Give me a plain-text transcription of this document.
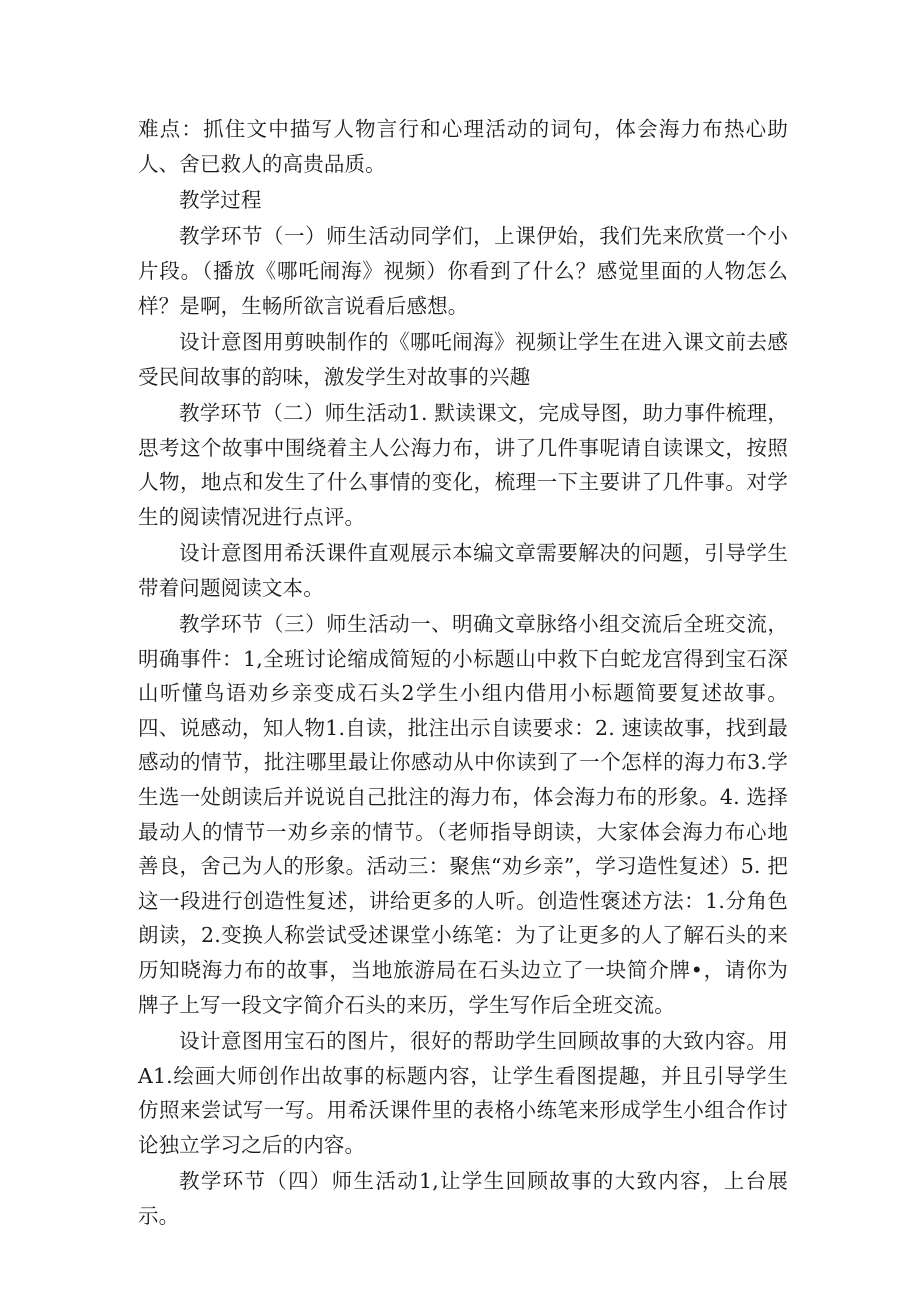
难点：抓住文中描写人物言行和心理活动的词句，体会海力布热心助人、舍已救人的高贵品质。

教学过程

教学环节（一）师生活动同学们，上课伊始，我们先来欣赏一个小片段。（播放《哪吒闹海》视频）你看到了什么？感觉里面的人物怎么样？是啊，生畅所欲言说看后感想。

设计意图用剪映制作的《哪吒闹海》视频让学生在进入课文前去感受民间故事的韵味，激发学生对故事的兴趣

教学环节（二）师生活动1. 默读课文，完成导图，助力事件梳理，思考这个故事中围绕着主人公海力布，讲了几件事呢请自读课文，按照人物，地点和发生了什么事情的变化，梳理一下主要讲了几件事。对学生的阅读情况进行点评。

设计意图用希沃课件直观展示本编文章需要解决的问题，引导学生带着问题阅读文本。

教学环节（三）师生活动一、明确文章脉络小组交流后全班交流，明确事件：1,全班讨论缩成简短的小标题山中救下白蛇龙宫得到宝石深山听懂鸟语劝乡亲变成石头2学生小组内借用小标题简要复述故事。四、说感动，知人物1.自读，批注出示自读要求：2. 速读故事，找到最感动的情节，批注哪里最让你感动从中你读到了一个怎样的海力布3.学生选一处朗读后并说说自己批注的海力布，体会海力布的形象。4. 选择最动人的情节一劝乡亲的情节。（老师指导朗读，大家体会海力布心地善良，舍己为人的形象。活动三：聚焦“劝乡亲”，学习造性复述）5. 把这一段进行创造性复述，讲给更多的人听。创造性褒述方法：1.分角色朗读，2.变换人称尝试受述课堂小练笔：为了让更多的人了解石头的来历知晓海力布的故事，当地旅游局在石头边立了一块简介牌•，请你为牌子上写一段文字简介石头的来历，学生写作后全班交流。

设计意图用宝石的图片，很好的帮助学生回顾故事的大致内容。用A1.绘画大师创作出故事的标题内容，让学生看图提趣，并且引导学生仿照来尝试写一写。用希沃课件里的表格小练笔来形成学生小组合作讨论独立学习之后的内容。

教学环节（四）师生活动1,让学生回顾故事的大致内容，上台展示。
